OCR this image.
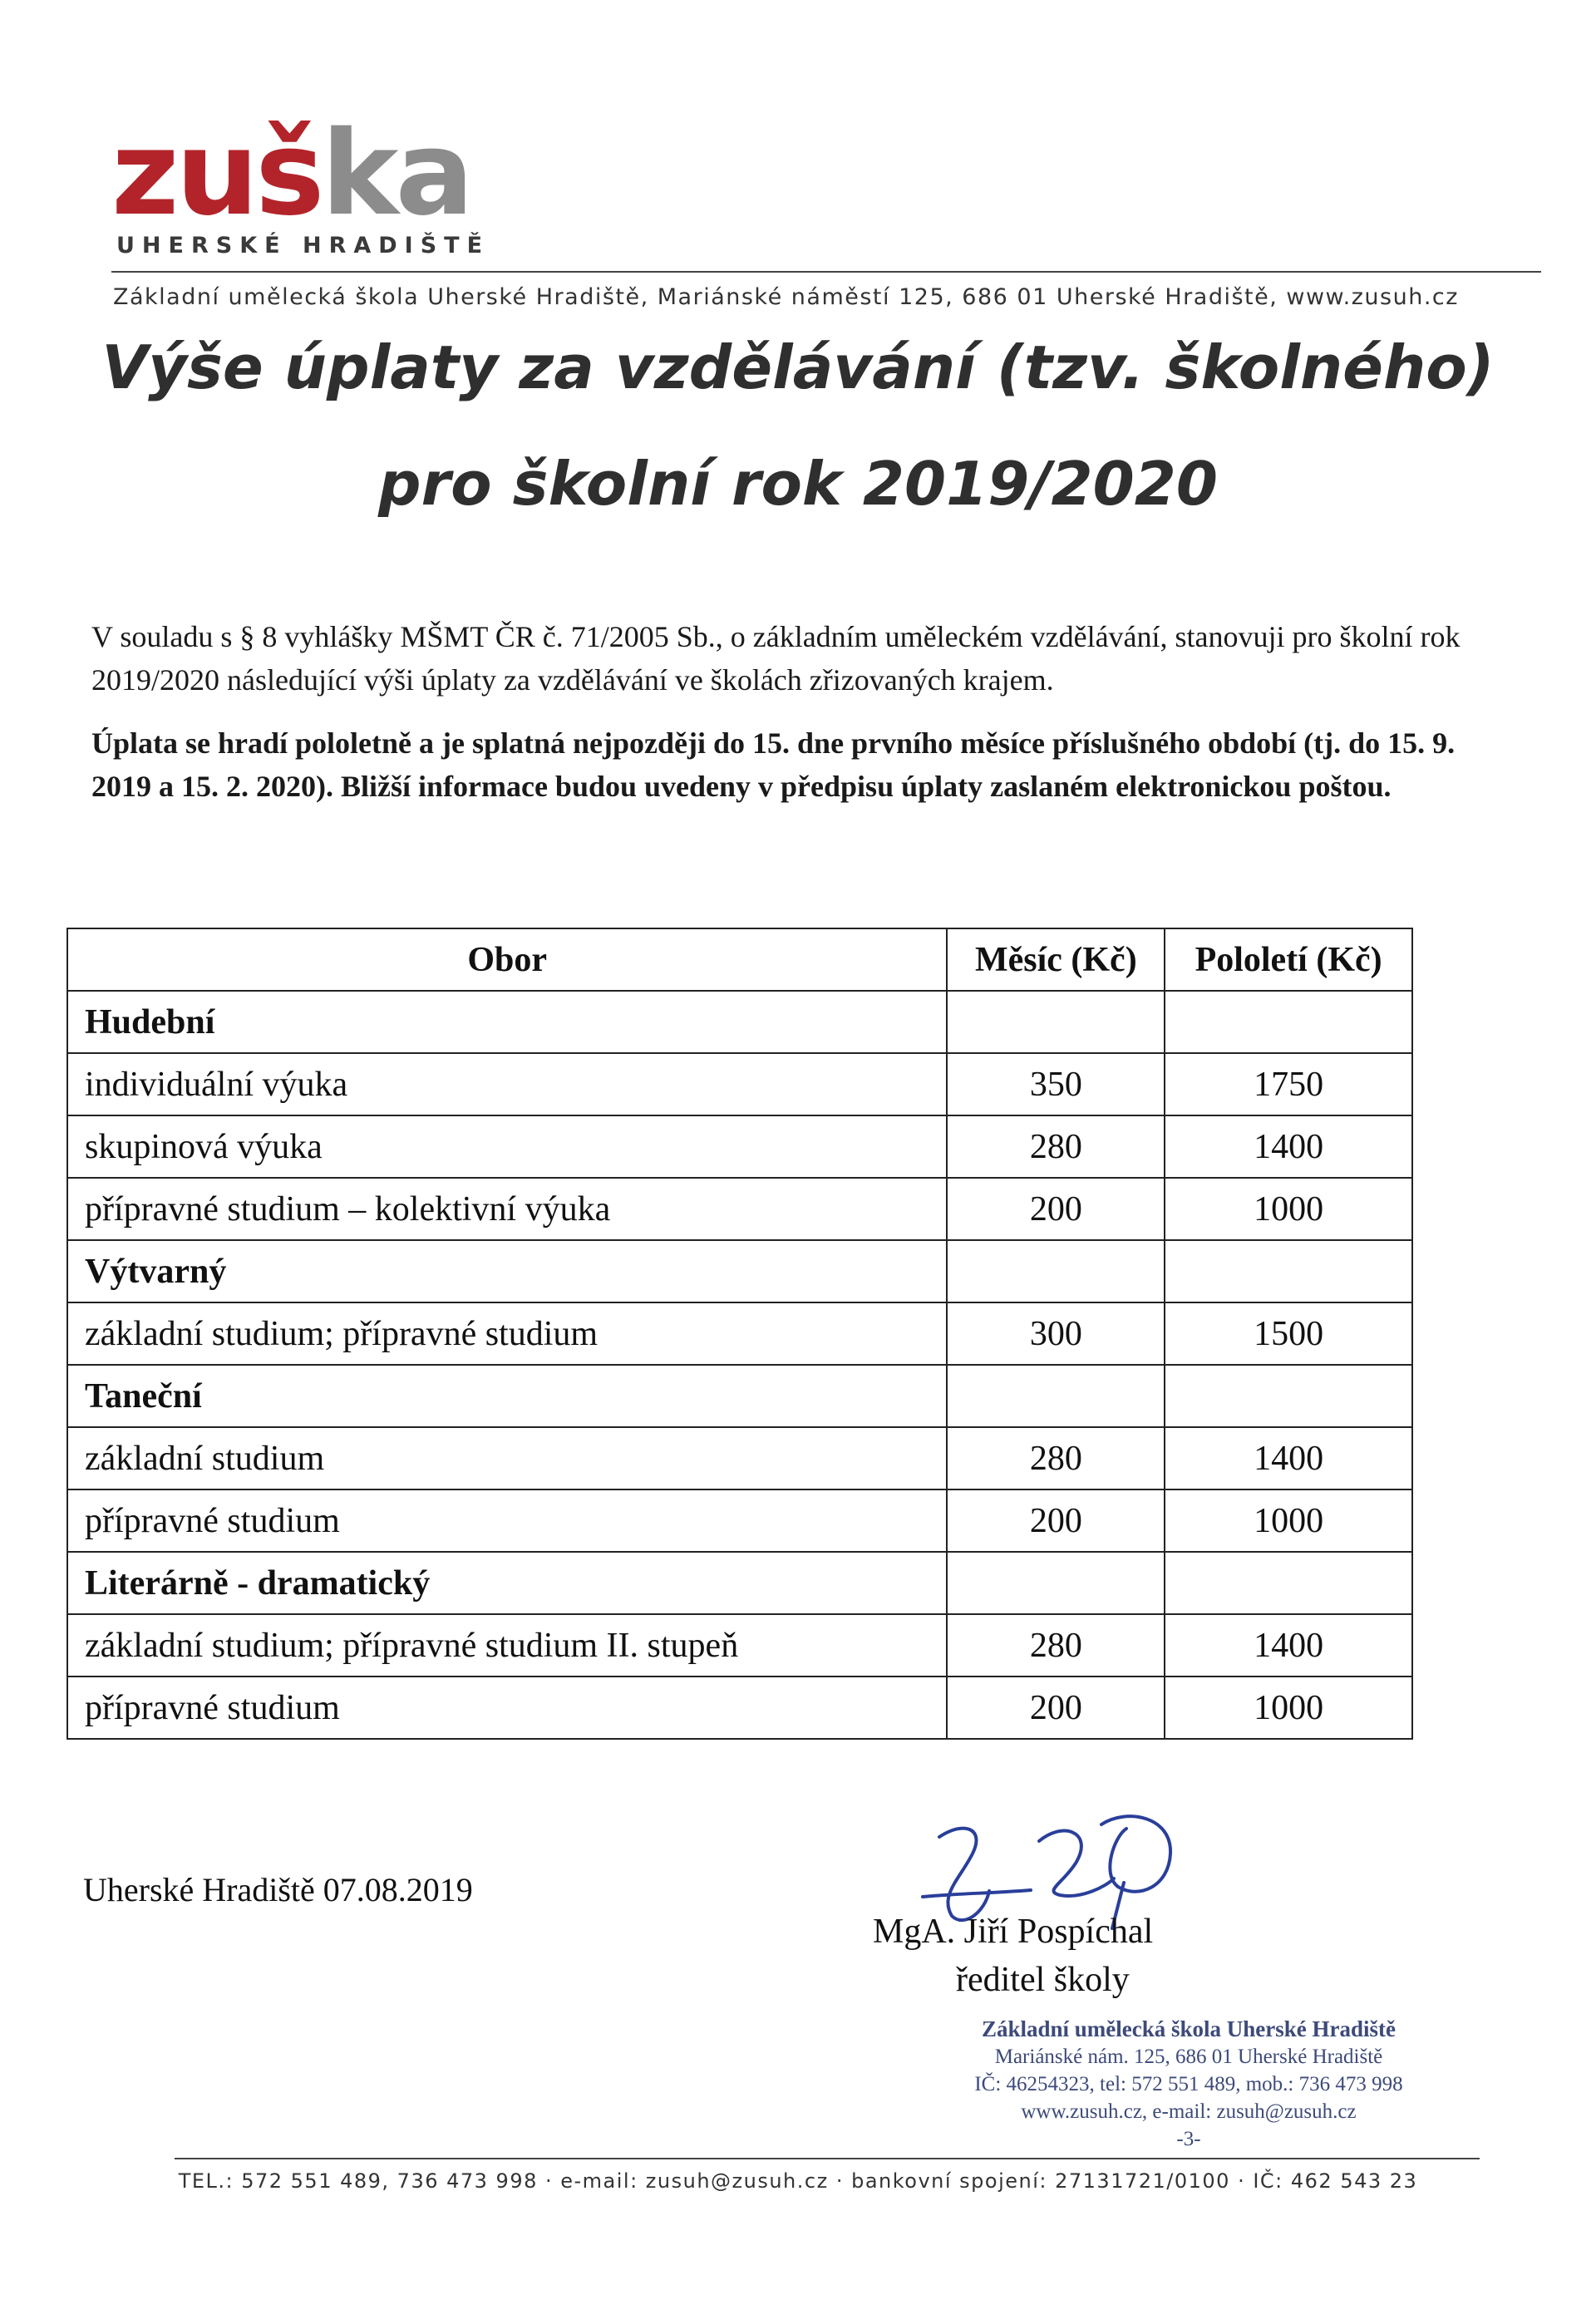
zuška
UHERSKÉ HRADIŠTĚ
Základní umělecká škola Uherské Hradiště, Mariánské náměstí 125, 686 01 Uherské Hradiště, www.zusuh.cz
Výše úplaty za vzdělávání (tzv. školného)
pro školní rok 2019/2020
V souladu s § 8 vyhlášky MŠMT ČR č. 71/2005 Sb., o základním uměleckém vzdělávání, stanovuji pro školní rok 2019/2020 následující výši úplaty za vzdělávání ve školách zřizovaných krajem.
Úplata se hradí pololetně a je splatná nejpozději do 15. dne prvního měsíce příslušného období (tj. do 15. 9. 2019 a 15. 2. 2020). Bližší informace budou uvedeny v předpisu úplaty zaslaném elektronickou poštou.
Obor	Měsíc (Kč)	Pololetí (Kč)
Hudební		
individuální výuka	350	1750
skupinová výuka	280	1400
přípravné studium – kolektivní výuka	200	1000
Výtvarný		
základní studium; přípravné studium	300	1500
Taneční		
základní studium	280	1400
přípravné studium	200	1000
Literárně - dramatický		
základní studium; přípravné studium II. stupeň	280	1400
přípravné studium	200	1000
Uherské Hradiště 07.08.2019
MgA. Jiří Pospíchal
ředitel školy
Základní umělecká škola Uherské Hradiště
Mariánské nám. 125, 686 01 Uherské Hradiště
IČ: 46254323, tel: 572 551 489, mob.: 736 473 998
www.zusuh.cz, e-mail: zusuh@zusuh.cz
-3-
TEL.: 572 551 489, 736 473 998 · e-mail: zusuh@zusuh.cz · bankovní spojení: 27131721/0100 · IČ: 462 543 23
